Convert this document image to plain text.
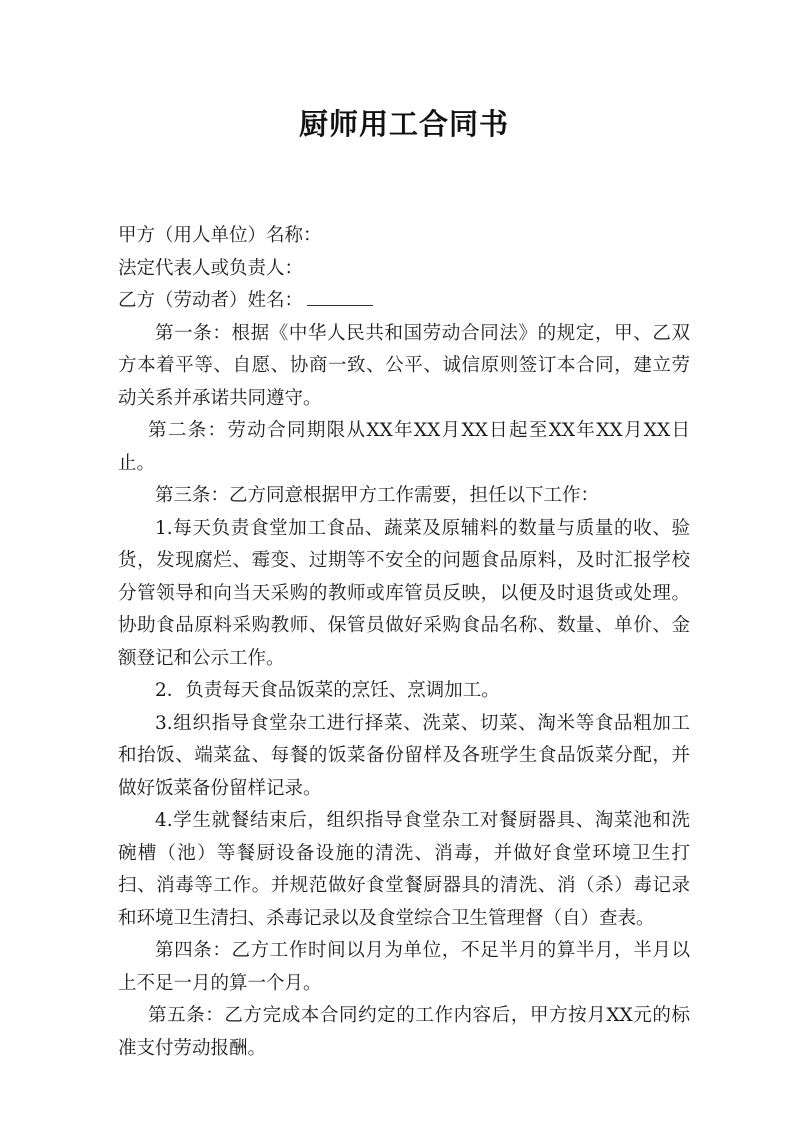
厨师用工合同书

甲方（用人单位）名称：

法定代表人或负责人：

乙方（劳动者）姓名：

第一条：根据《中华人民共和国劳动合同法》的规定，甲、乙双方本着平等、自愿、协商一致、公平、诚信原则签订本合同，建立劳动关系并承诺共同遵守。

第二条：劳动合同期限从XX年XX月XX日起至XX年XX月XX日止。

第三条：乙方同意根据甲方工作需要，担任以下工作：

1.每天负责食堂加工食品、蔬菜及原辅料的数量与质量的收、验货，发现腐烂、霉变、过期等不安全的问题食品原料，及时汇报学校分管领导和向当天采购的教师或库管员反映，以便及时退货或处理。协助食品原料采购教师、保管员做好采购食品名称、数量、单价、金额登记和公示工作。

2．负责每天食品饭菜的烹饪、烹调加工。

3.组织指导食堂杂工进行择菜、洗菜、切菜、淘米等食品粗加工和抬饭、端菜盆、每餐的饭菜备份留样及各班学生食品饭菜分配，并做好饭菜备份留样记录。

4.学生就餐结束后，组织指导食堂杂工对餐厨器具、淘菜池和洗碗槽（池）等餐厨设备设施的清洗、消毒，并做好食堂环境卫生打扫、消毒等工作。并规范做好食堂餐厨器具的清洗、消（杀）毒记录和环境卫生清扫、杀毒记录以及食堂综合卫生管理督（自）查表。

第四条：乙方工作时间以月为单位，不足半月的算半月，半月以上不足一月的算一个月。

第五条：乙方完成本合同约定的工作内容后，甲方按月XX元的标准支付劳动报酬。
